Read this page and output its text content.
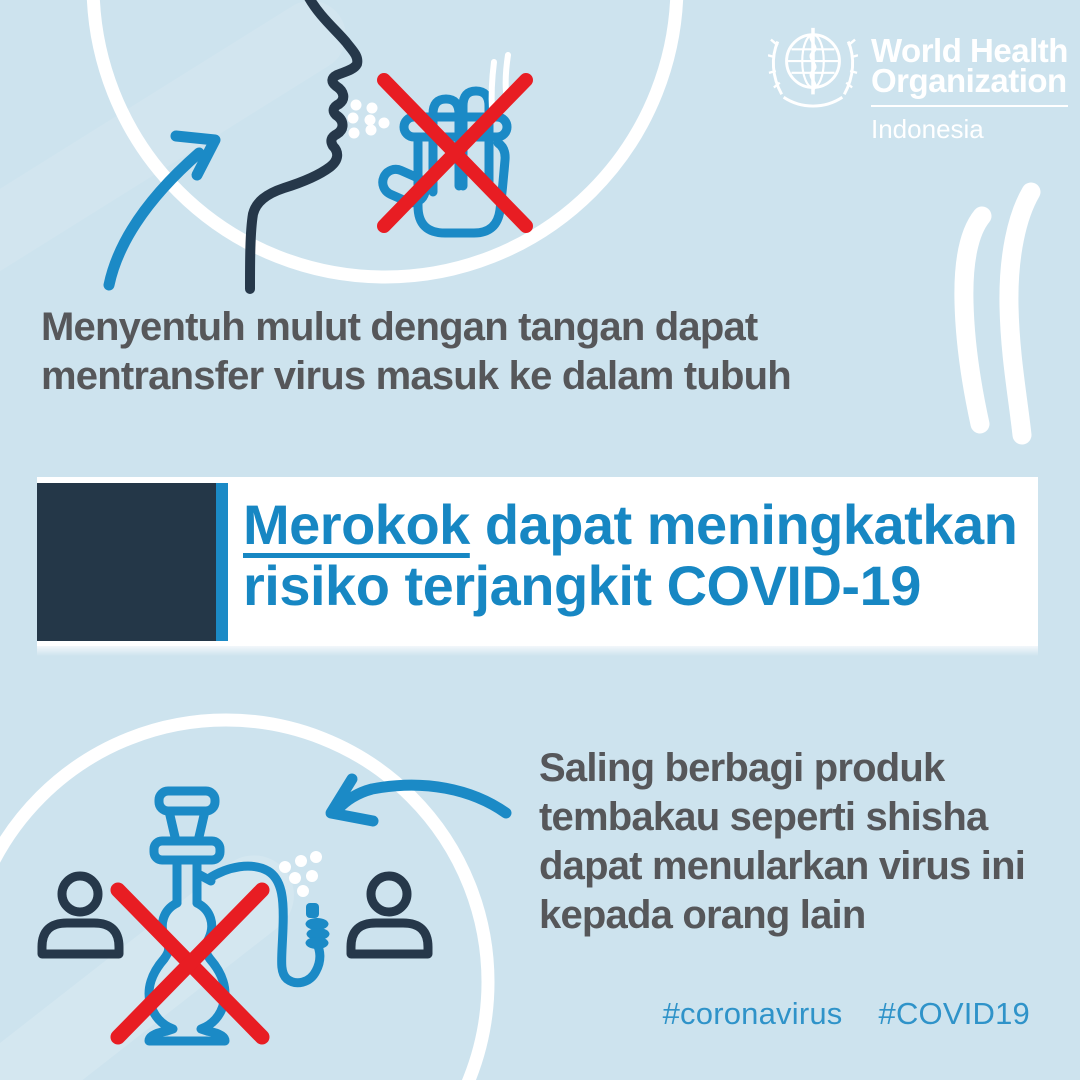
World Health
Organization
Indonesia
Menyentuh mulut dengan tangan dapat
mentransfer virus masuk ke dalam tubuh
Merokok dapat meningkatkan
risiko terjangkit COVID-19
Saling berbagi produk
tembakau seperti shisha
dapat menularkan virus ini
kepada orang lain
#coronavirus #COVID19
